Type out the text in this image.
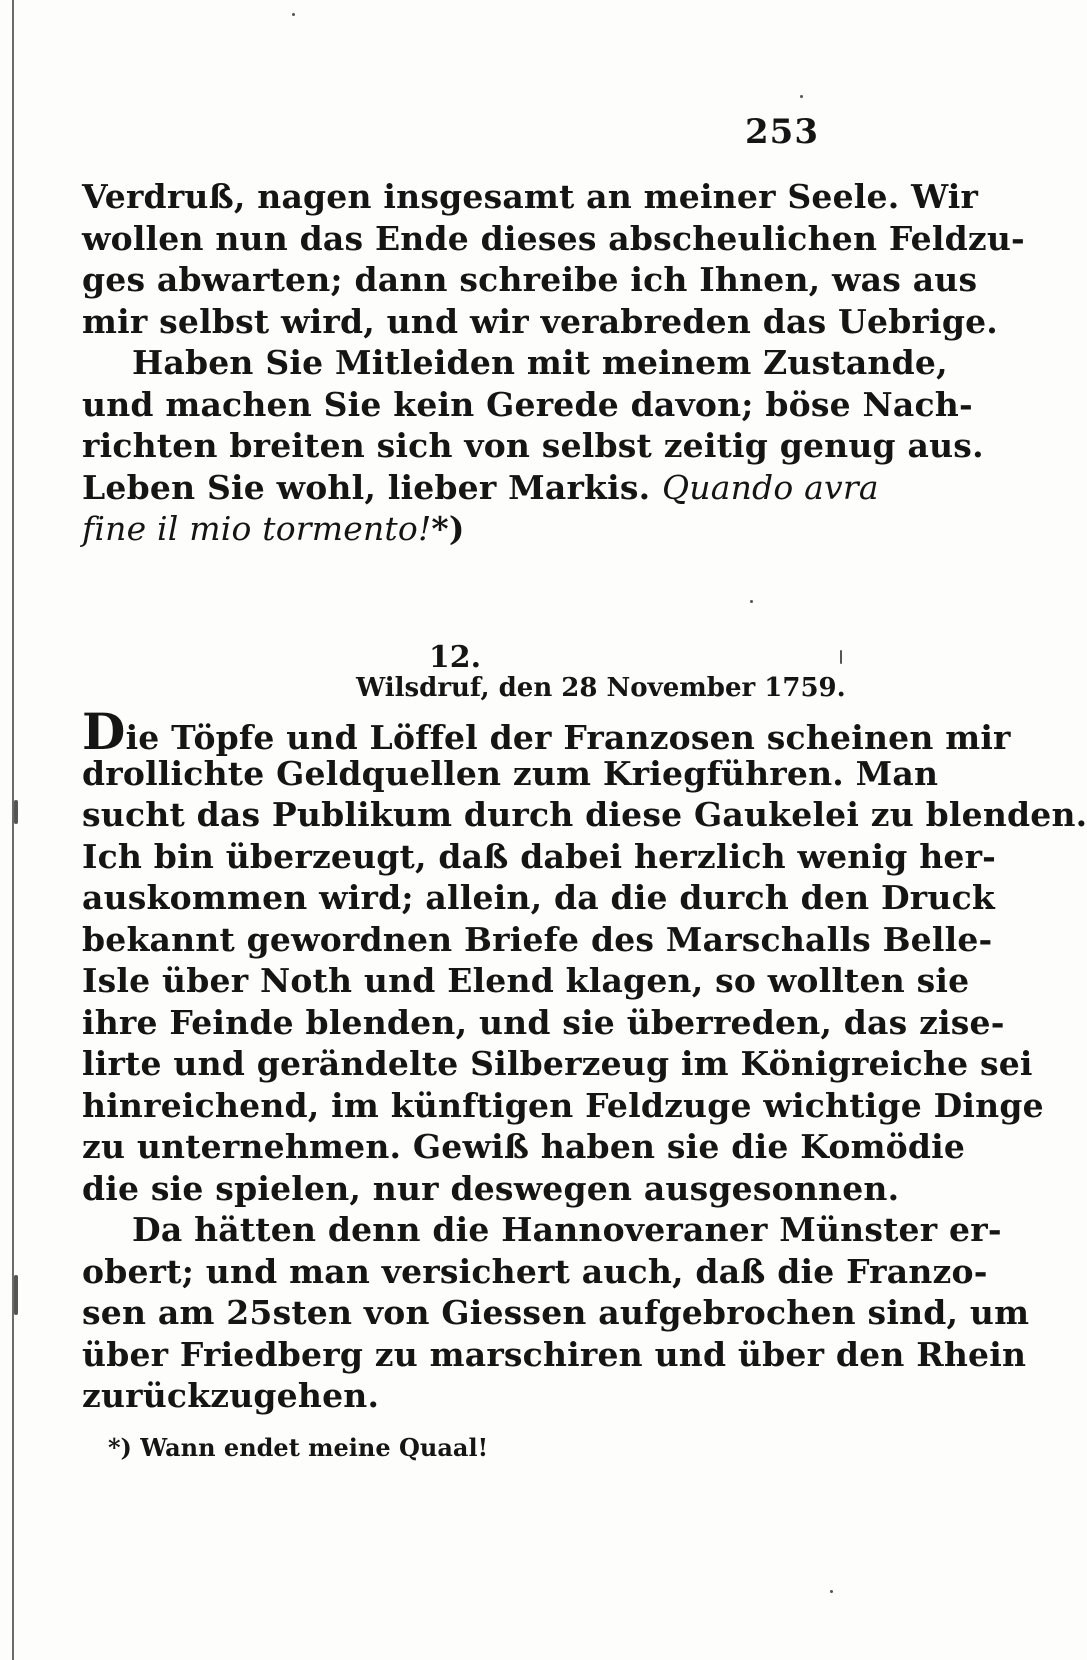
253
Verdruß, nagen insgesamt an meiner Seele. Wir
wollen nun das Ende dieses abscheulichen Feldzu-
ges abwarten; dann schreibe ich Ihnen, was aus
mir selbst wird, und wir verabreden das Uebrige.
Haben Sie Mitleiden mit meinem Zustande,
und machen Sie kein Gerede davon; böse Nach-
richten breiten sich von selbst zeitig genug aus.
Leben Sie wohl, lieber Markis. Quando avra
fine il mio tormento!*)
12.
Wilsdruf, den 28 November 1759.
Die Töpfe und Löffel der Franzosen scheinen mir
drollichte Geldquellen zum Kriegführen. Man
sucht das Publikum durch diese Gaukelei zu blenden.
Ich bin überzeugt, daß dabei herzlich wenig her-
auskommen wird; allein, da die durch den Druck
bekannt gewordnen Briefe des Marschalls Belle-
Isle über Noth und Elend klagen, so wollten sie
ihre Feinde blenden, und sie überreden, das zise-
lirte und gerändelte Silberzeug im Königreiche sei
hinreichend, im künftigen Feldzuge wichtige Dinge
zu unternehmen. Gewiß haben sie die Komödie
die sie spielen, nur deswegen ausgesonnen.
Da hätten denn die Hannoveraner Münster er-
obert; und man versichert auch, daß die Franzo-
sen am 25sten von Giessen aufgebrochen sind, um
über Friedberg zu marschiren und über den Rhein
zurückzugehen.
*) Wann endet meine Quaal!
